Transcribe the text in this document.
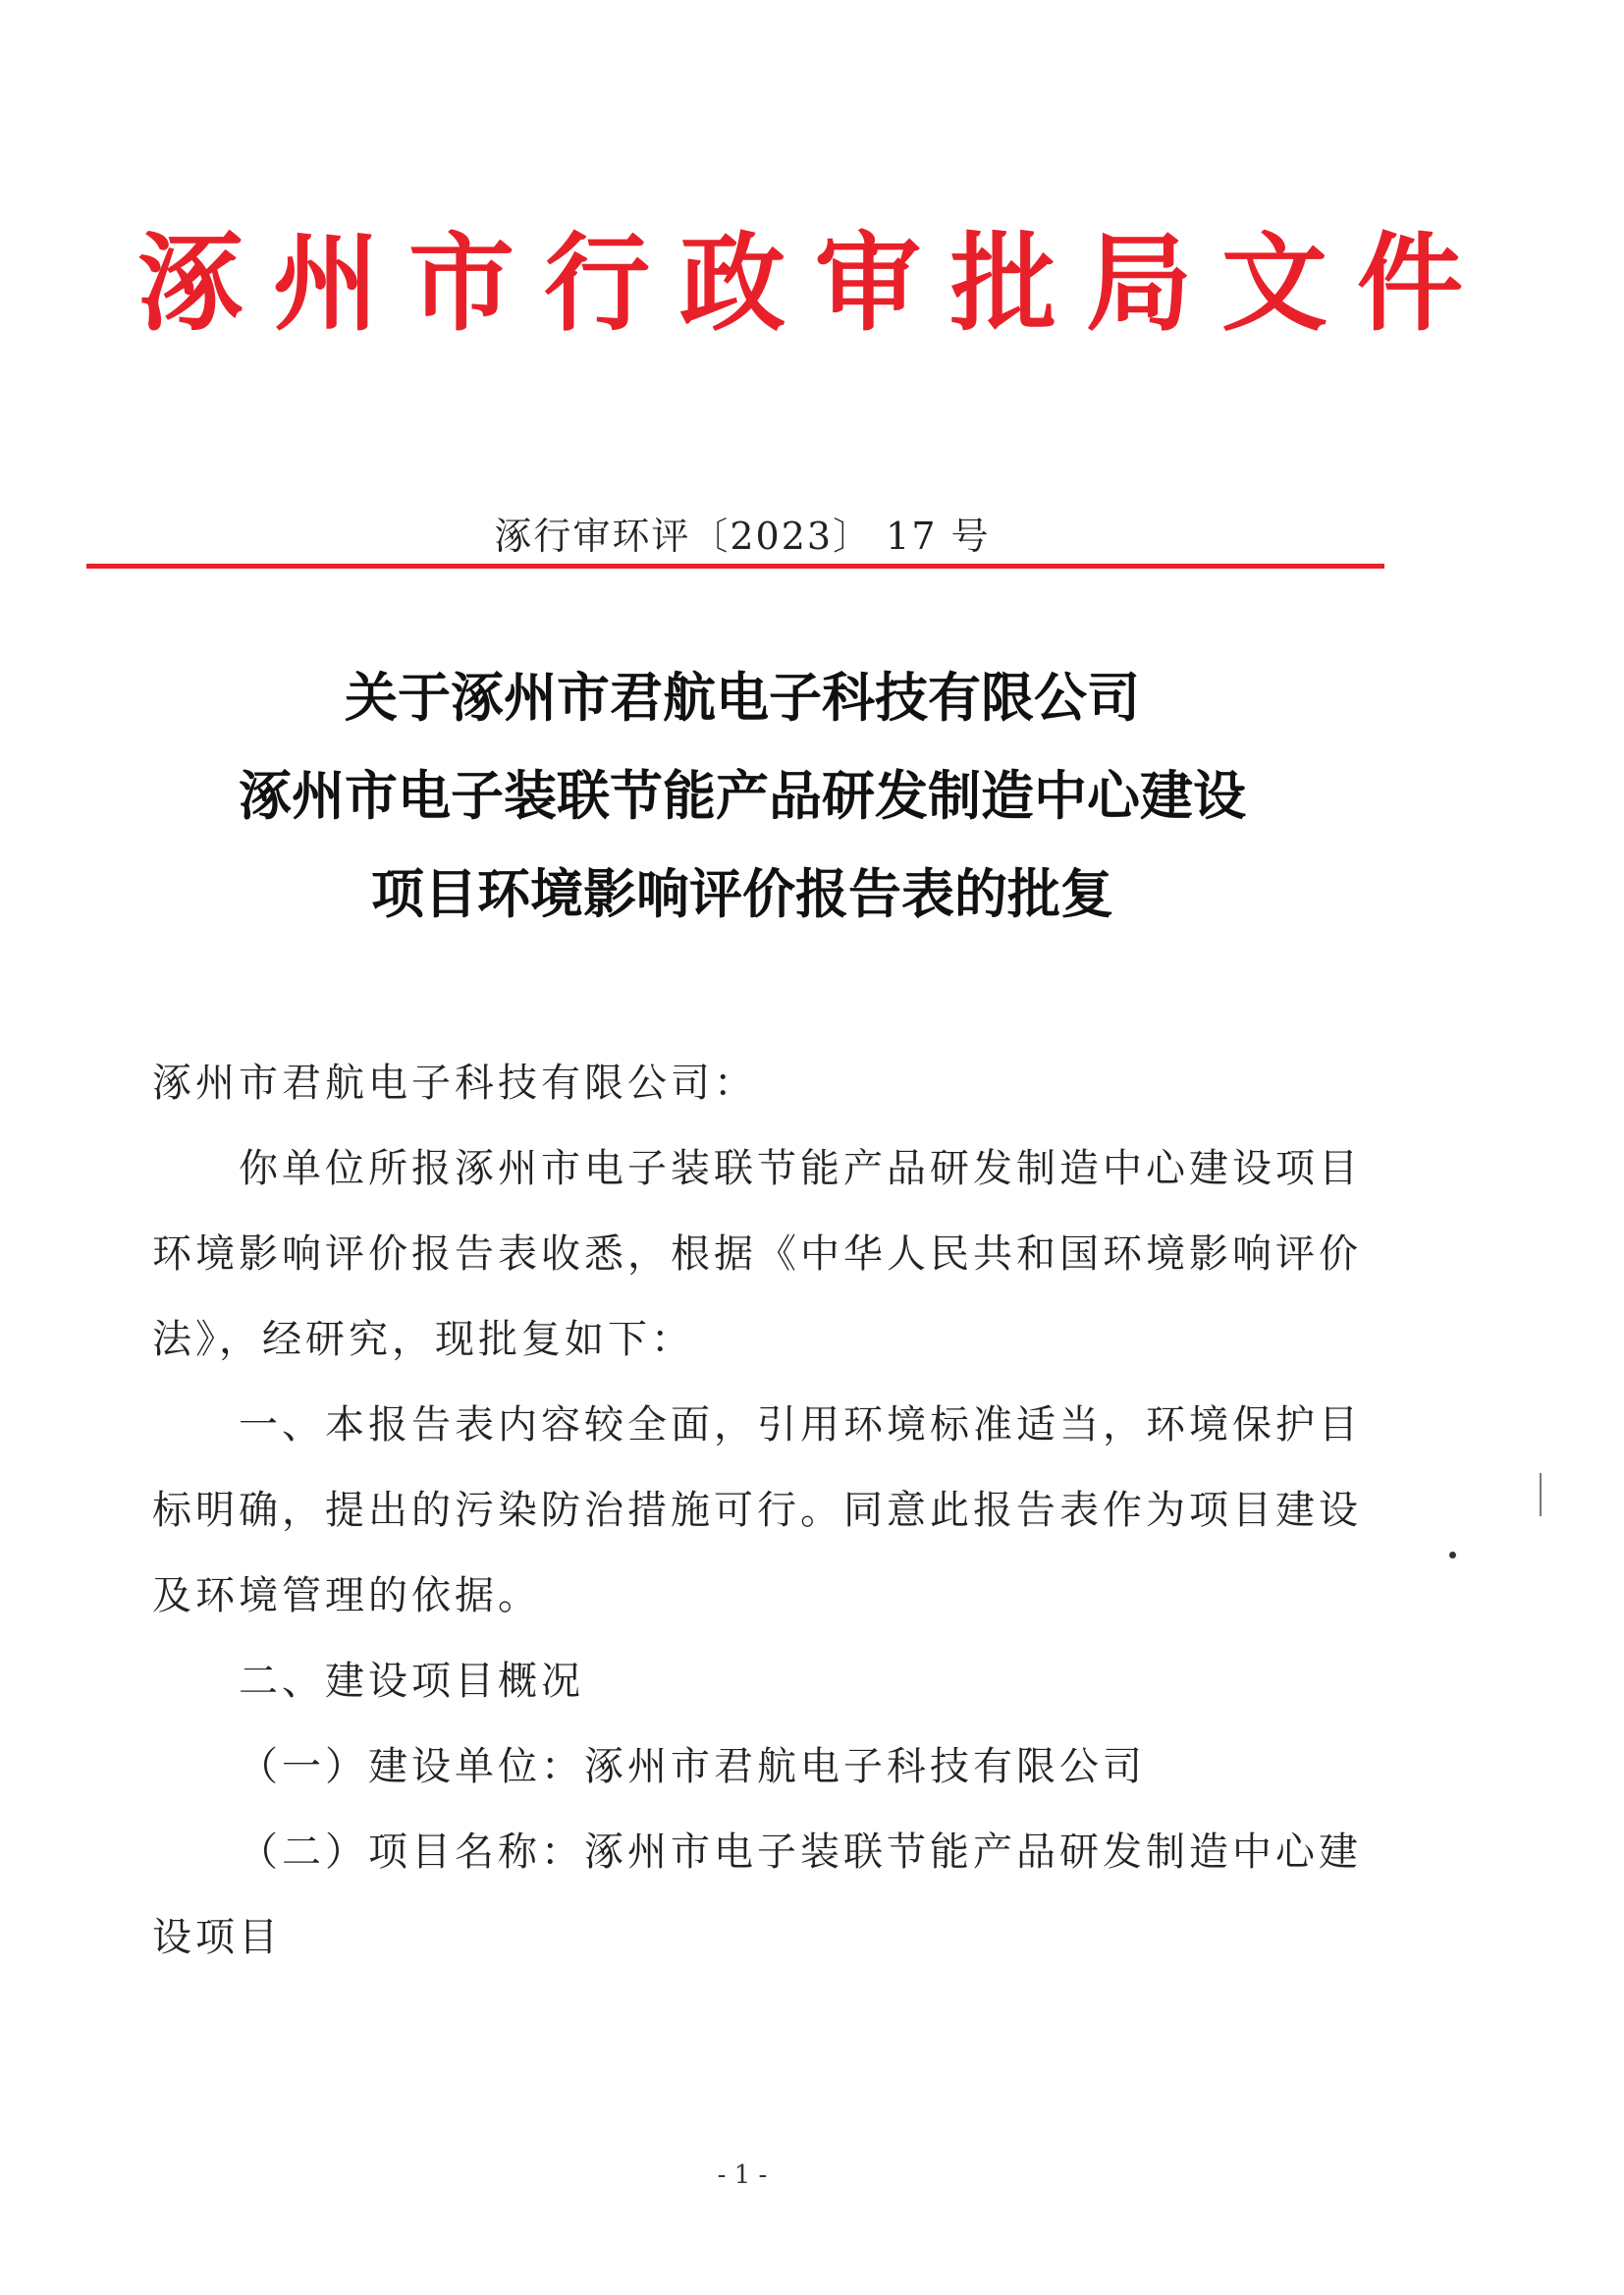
涿州市行政审批局文件
涿行审环评〔2023〕 17 号
关于涿州市君航电子科技有限公司
涿州市电子装联节能产品研发制造中心建设
项目环境影响评价报告表的批复

涿州市君航电子科技有限公司：

你单位所报涿州市电子装联节能产品研发制造中心建设项目环境影响评价报告表收悉，根据《中华人民共和国环境影响评价法》，经研究，现批复如下：

一、本报告表内容较全面，引用环境标准适当，环境保护目标明确，提出的污染防治措施可行。同意此报告表作为项目建设及环境管理的依据。

二、建设项目概况

（一）建设单位：涿州市君航电子科技有限公司

（二）项目名称：涿州市电子装联节能产品研发制造中心建设项目

- 1 -
